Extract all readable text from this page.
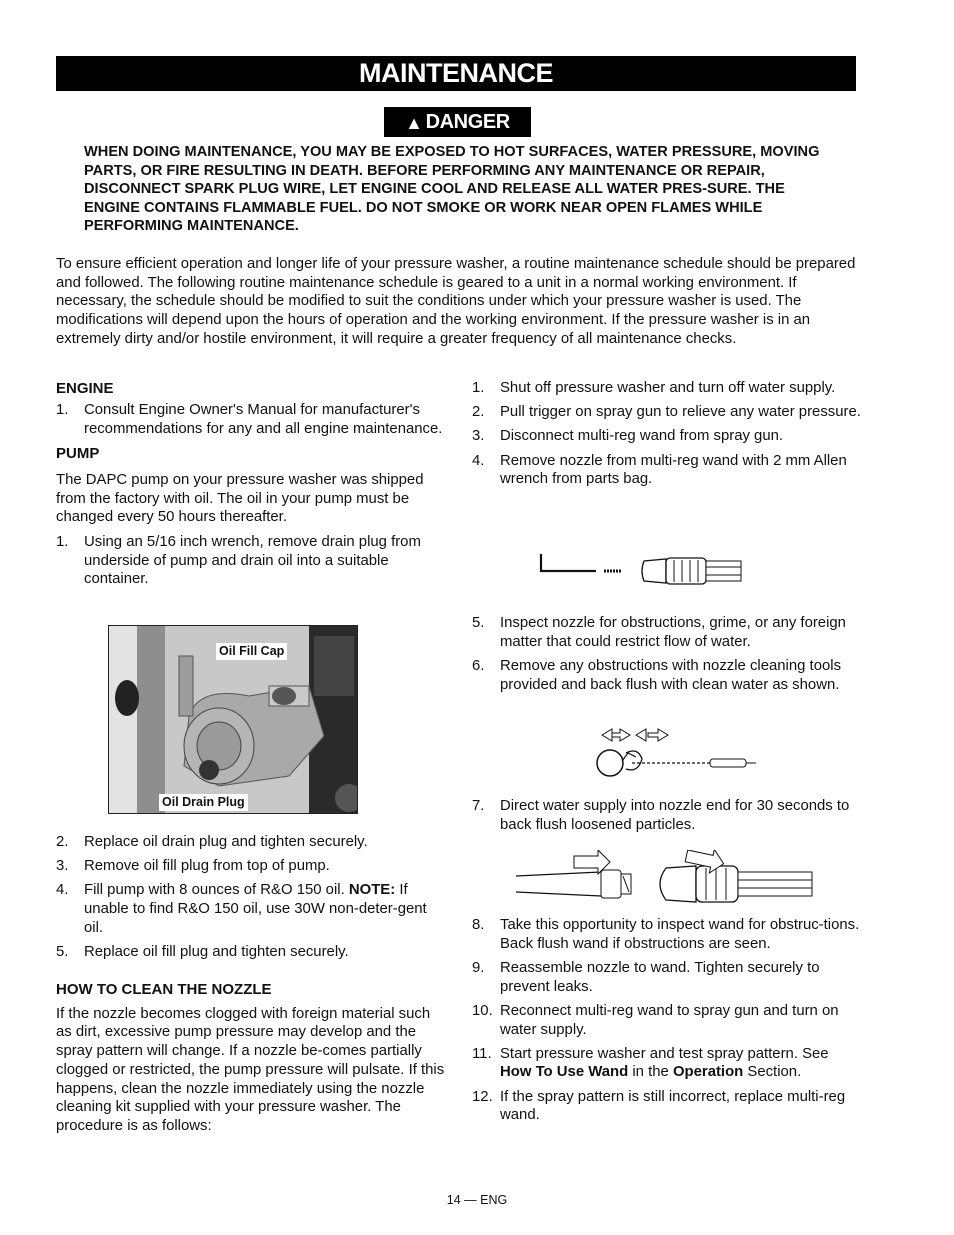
MAINTENANCE
▲ DANGER
WHEN DOING MAINTENANCE, YOU MAY BE EXPOSED TO HOT SURFACES, WATER PRESSURE, MOVING PARTS, OR FIRE RESULTING IN DEATH. BEFORE PERFORMING ANY MAINTENANCE OR REPAIR, DISCONNECT SPARK PLUG WIRE, LET ENGINE COOL AND RELEASE ALL WATER PRES-SURE. THE ENGINE CONTAINS FLAMMABLE FUEL. DO NOT SMOKE OR WORK NEAR OPEN FLAMES WHILE PERFORMING MAINTENANCE.
To ensure efficient operation and longer life of your pressure washer, a routine maintenance schedule should be prepared and followed. The following routine maintenance schedule is geared to a unit in a normal working environment. If necessary, the schedule should be modified to suit the conditions under which your pressure washer is used. The modifications will depend upon the hours of operation and the working environment. If the pressure washer is in an extremely dirty and/or hostile environment, it will require a greater frequency of all maintenance checks.
ENGINE
1. Consult Engine Owner's Manual for manufacturer's recommendations for any and all engine maintenance.
PUMP

The DAPC pump on your pressure washer was shipped from the factory with oil. The oil in your pump must be changed every 50 hours thereafter.

1. Using an 5/16 inch wrench, remove drain plug from underside of pump and drain oil into a suitable container.
Oil Fill Cap
Oil Drain Plug
2. Replace oil drain plug and tighten securely.
3. Remove oil fill plug from top of pump.
4. Fill pump with 8 ounces of R&O 150 oil. NOTE: If unable to find R&O 150 oil, use 30W non-deter-gent oil.
5. Replace oil fill plug and tighten securely.
HOW TO CLEAN THE NOZZLE

If the nozzle becomes clogged with foreign material such as dirt, excessive pump pressure may develop and the spray pattern will change. If a nozzle be-comes partially clogged or restricted, the pump pressure will pulsate. If this happens, clean the nozzle immediately using the nozzle cleaning kit supplied with your pressure washer. The procedure is as follows:

1. Shut off pressure washer and turn off water supply.
2. Pull trigger on spray gun to relieve any water pressure.
3. Disconnect multi-reg wand from spray gun.
4. Remove nozzle from multi-reg wand with 2 mm Allen wrench from parts bag.
5. Inspect nozzle for obstructions, grime, or any foreign matter that could restrict flow of water.
6. Remove any obstructions with nozzle cleaning tools provided and back flush with clean water as shown.
7. Direct water supply into nozzle end for 30 seconds to back flush loosened particles.
8. Take this opportunity to inspect wand for obstruc-tions. Back flush wand if obstructions are seen.
9. Reassemble nozzle to wand. Tighten securely to prevent leaks.
10. Reconnect multi-reg wand to spray gun and turn on water supply.
11. Start pressure washer and test spray pattern. See How To Use Wand in the Operation Section.
12. If the spray pattern is still incorrect, replace multi-reg wand.
14 — ENG
